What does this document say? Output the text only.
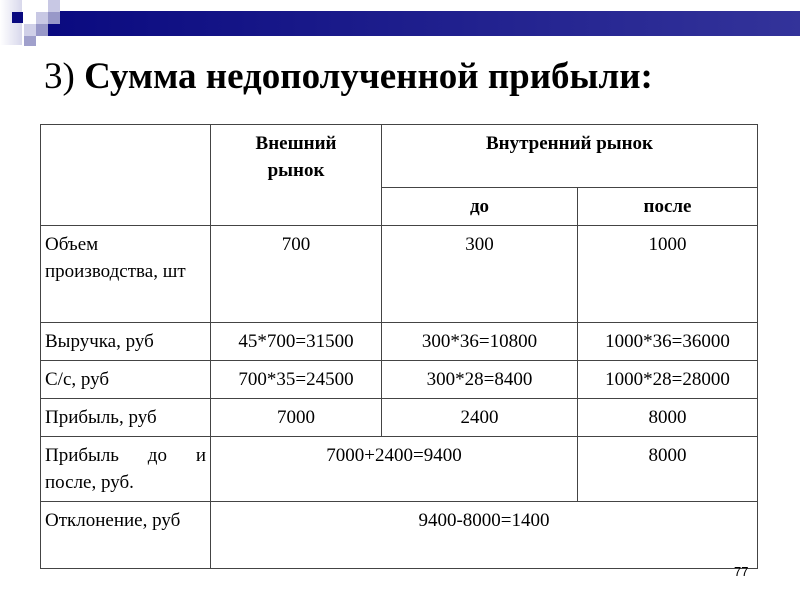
3) Сумма недополученной прибыли:
	Внешний рынок	Внутренний рынок	
		до	после
Объем производства, шт	700	300	1000
Выручка, руб	45*700=31500	300*36=10800	1000*36=36000
С/с, руб	700*35=24500	300*28=8400	1000*28=28000
Прибыль, руб	7000	2400	8000
Прибыль до и после, руб.	7000+2400=9400		8000
Отклонение, руб	9400-8000=1400		
77
